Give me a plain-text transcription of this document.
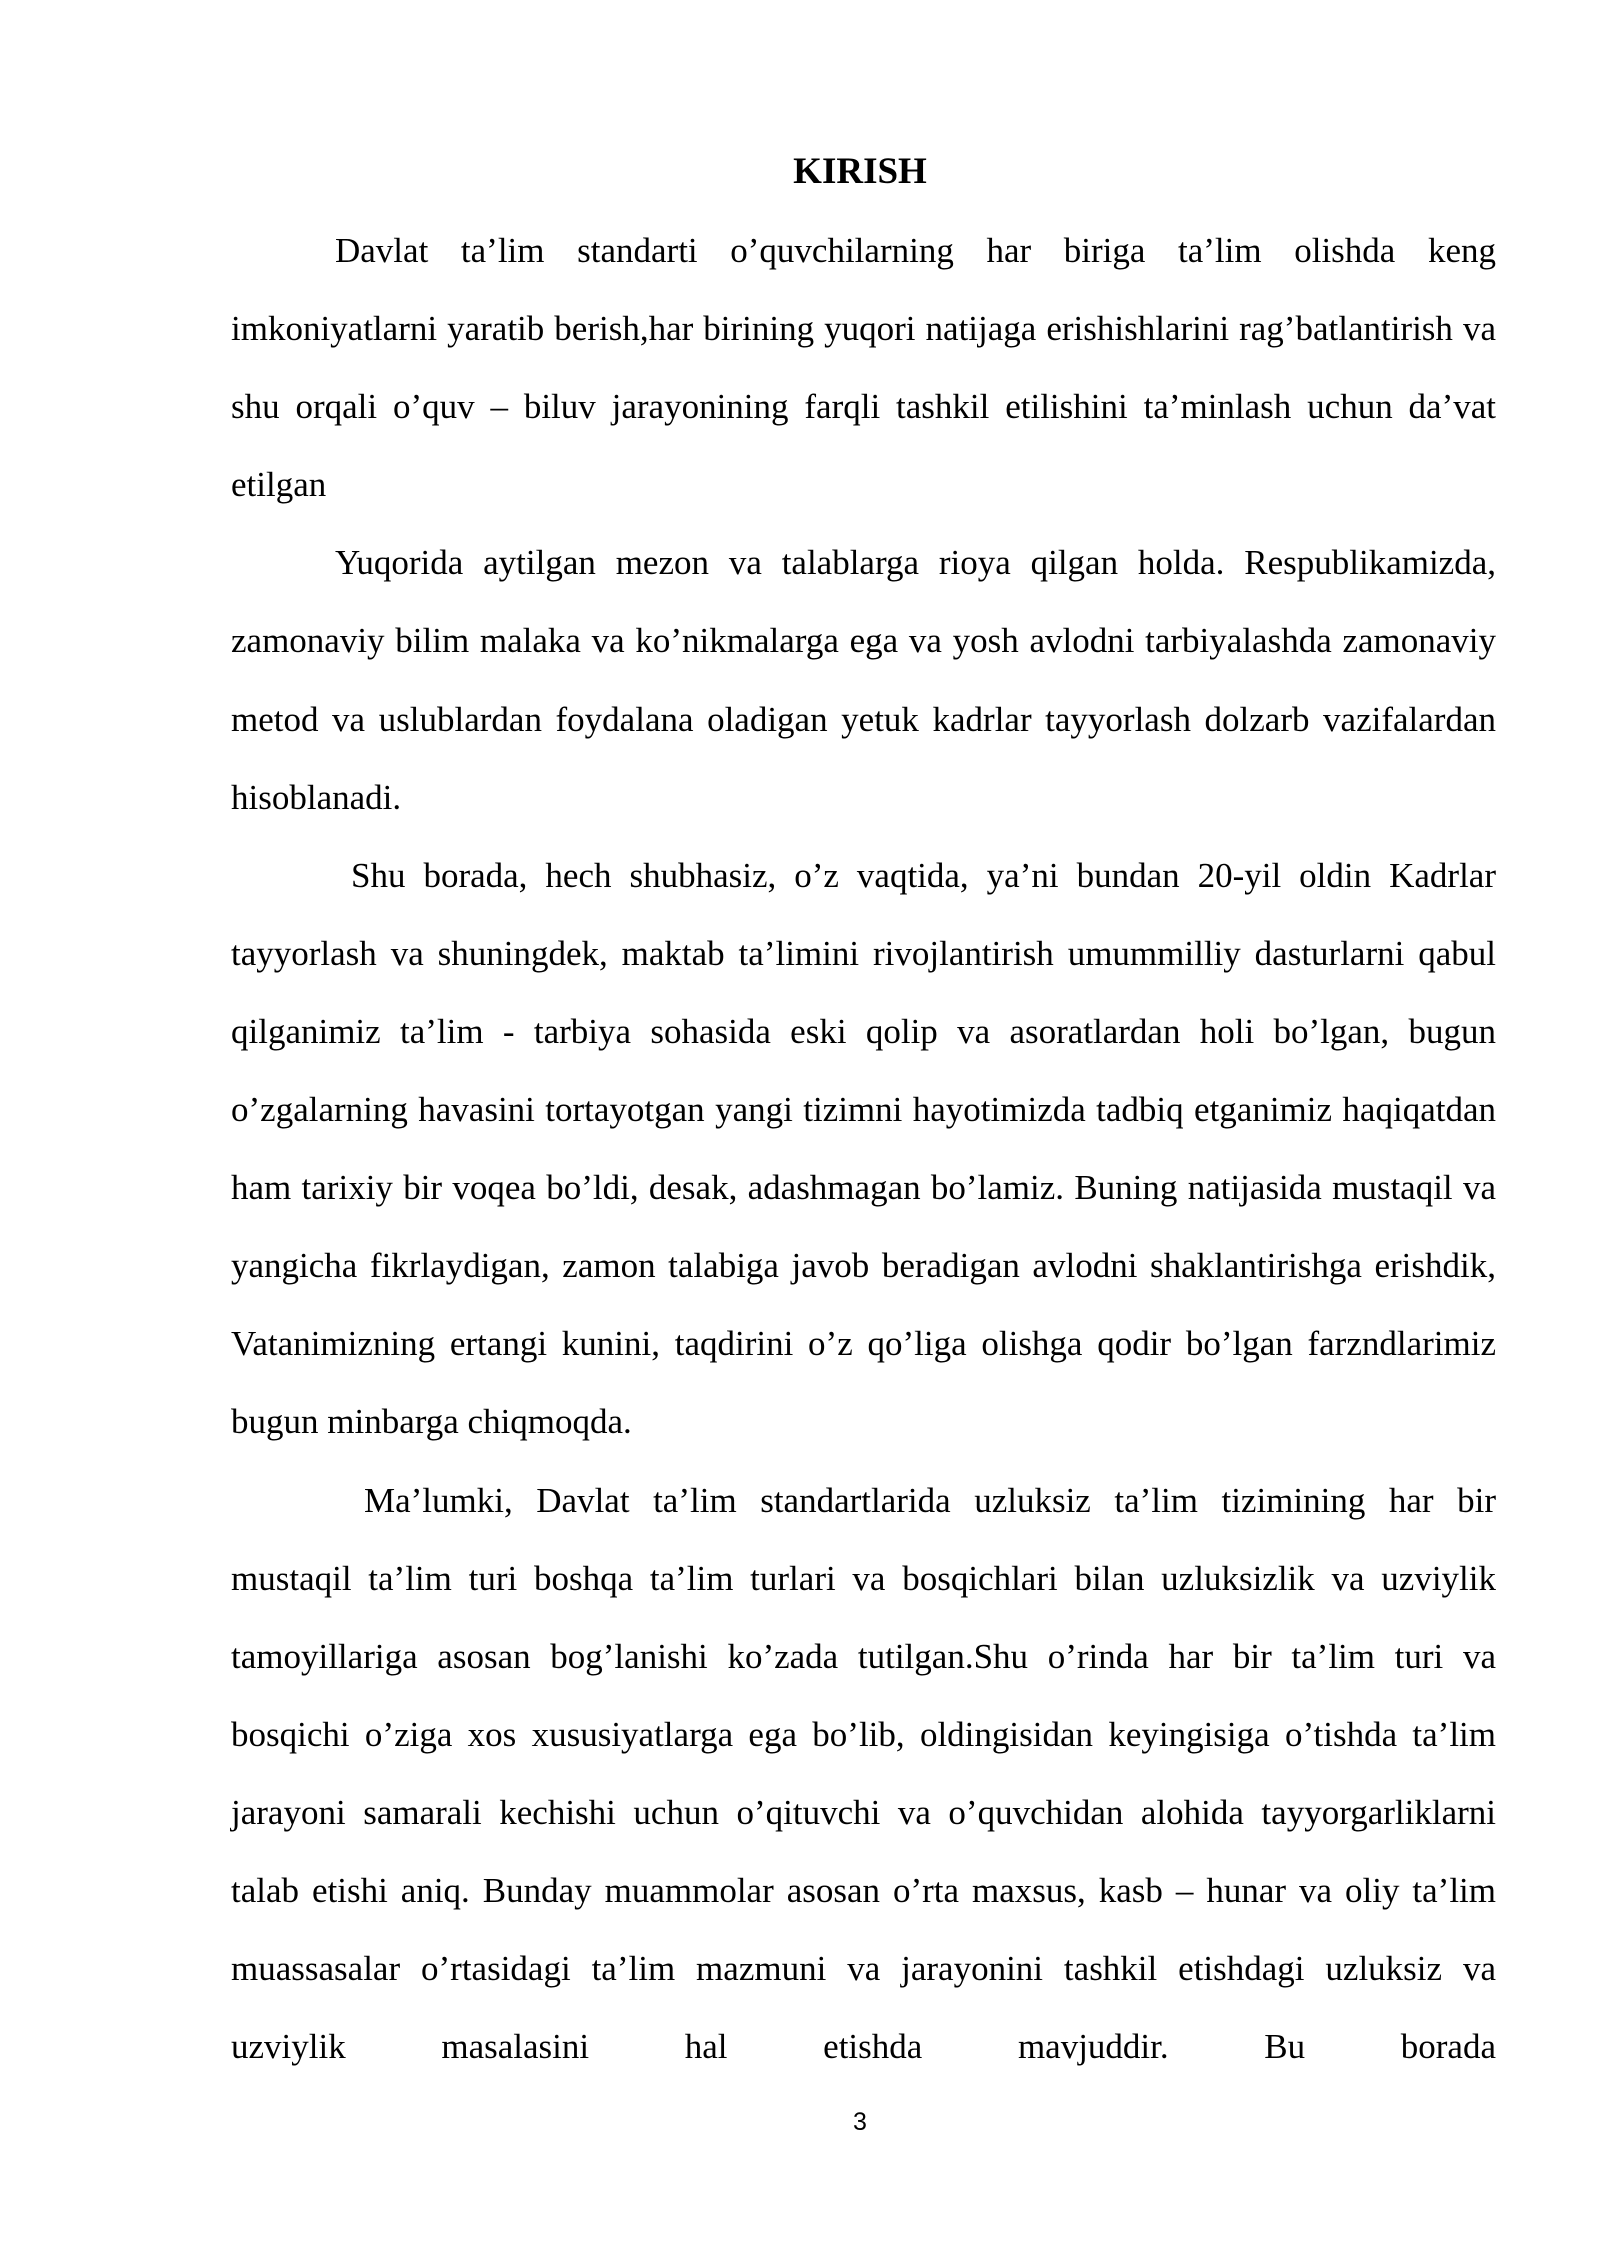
KIRISH

Davlat ta’lim standarti o’quvchilarning har biriga ta’lim olishda keng imkoniyatlarni yaratib berish,har birining yuqori natijaga erishishlarini rag’batlantirish va shu orqali o’quv – biluv jarayonining farqli tashkil etilishini ta’minlash uchun da’vat etilgan

Yuqorida aytilgan mezon va talablarga rioya qilgan holda. Respublikamizda, zamonaviy bilim malaka va ko’nikmalarga ega va yosh avlodni tarbiyalashda zamonaviy metod va uslublardan foydalana oladigan yetuk kadrlar tayyorlash dolzarb vazifalardan hisoblanadi.

Shu borada, hech shubhasiz, o’z vaqtida, ya’ni bundan 20-yil oldin Kadrlar tayyorlash va shuningdek, maktab ta’limini rivojlantirish umummilliy dasturlarni qabul qilganimiz ta’lim - tarbiya sohasida eski qolip va asoratlardan holi bo’lgan, bugun o’zgalarning havasini tortayotgan yangi tizimni hayotimizda tadbiq etganimiz haqiqatdan ham tarixiy bir voqea bo’ldi, desak, adashmagan bo’lamiz. Buning natijasida mustaqil va yangicha fikrlaydigan, zamon talabiga javob beradigan avlodni shaklantirishga erishdik, Vatanimizning ertangi kunini, taqdirini o’z qo’liga olishga qodir bo’lgan farzndlarimiz bugun minbarga chiqmoqda.

Ma’lumki, Davlat ta’lim standartlarida uzluksiz ta’lim tizimining har bir mustaqil ta’lim turi boshqa ta’lim turlari va bosqichlari bilan uzluksizlik va uzviylik tamoyillariga asosan bog’lanishi ko’zada tutilgan.Shu o’rinda har bir ta’lim turi va bosqichi o’ziga xos xususiyatlarga ega bo’lib, oldingisidan keyingisiga o’tishda ta’lim jarayoni samarali kechishi uchun o’qituvchi va o’quvchidan alohida tayyorgarliklarni talab etishi aniq. Bunday muammolar asosan o’rta maxsus, kasb – hunar va oliy ta’lim muassasalar o’rtasidagi ta’lim mazmuni va jarayonini tashkil etishdagi uzluksiz va uzviylik masalasini hal etishda mavjuddir. Bu borada

3
